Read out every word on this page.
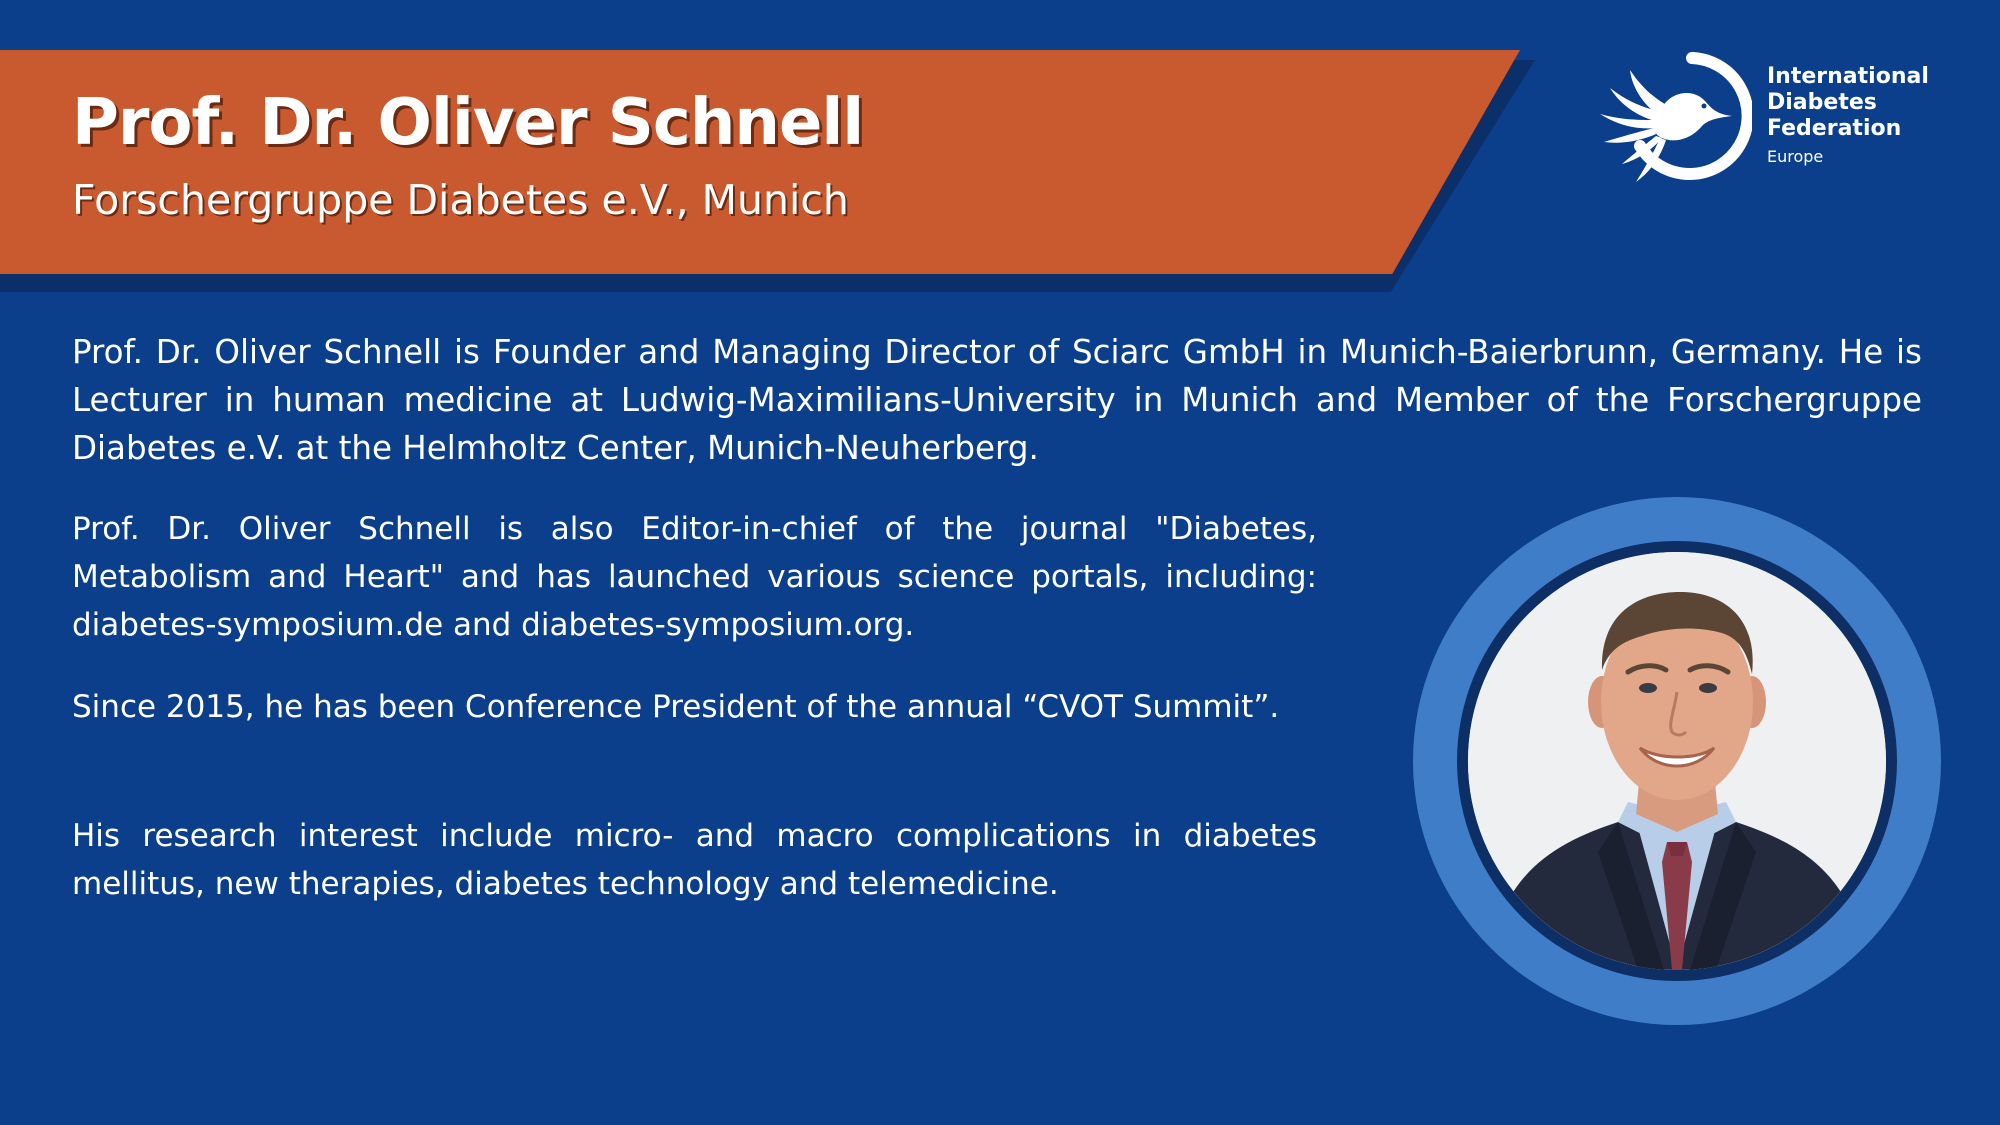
Prof. Dr. Oliver Schnell

Forschergruppe Diabetes e.V., Munich

International
Diabetes
Federation
Europe

Prof. Dr. Oliver Schnell is Founder and Managing Director of Sciarc GmbH in Munich-Baierbrunn, Germany. He is Lecturer in human medicine at Ludwig-Maximilians-University in Munich and Member of the Forschergruppe Diabetes e.V. at the Helmholtz Center, Munich-Neuherberg.

Prof. Dr. Oliver Schnell is also Editor-in-chief of the journal "Diabetes, Metabolism and Heart" and has launched various science portals, including: diabetes-symposium.de and diabetes-symposium.org.

Since 2015, he has been Conference President of the annual “CVOT Summit”.

His research interest include micro- and macro complications in diabetes mellitus, new therapies, diabetes technology and telemedicine.
